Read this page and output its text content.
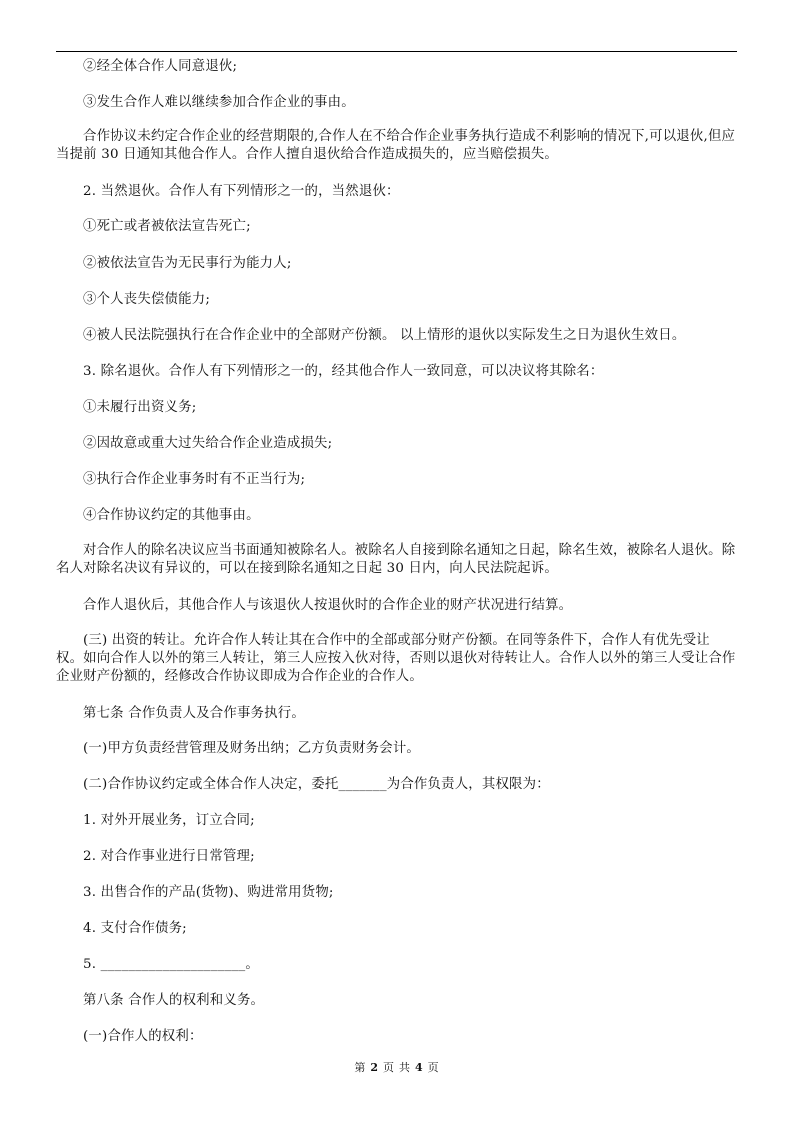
②经全体合作人同意退伙;

③发生合作人难以继续参加合作企业的事由。

合作协议未约定合作企业的经营期限的,合作人在不给合作企业事务执行造成不利影响的情况下,可以退伙,但应当提前 30 日通知其他合作人。合作人擅自退伙给合作造成损失的，应当赔偿损失。

2. 当然退伙。合作人有下列情形之一的，当然退伙：

①死亡或者被依法宣告死亡;

②被依法宣告为无民事行为能力人;

③个人丧失偿债能力;

④被人民法院强执行在合作企业中的全部财产份额。 以上情形的退伙以实际发生之日为退伙生效日。

3. 除名退伙。合作人有下列情形之一的，经其他合作人一致同意，可以决议将其除名：

①未履行出资义务;

②因故意或重大过失给合作企业造成损失;

③执行合作企业事务时有不正当行为;

④合作协议约定的其他事由。

对合作人的除名决议应当书面通知被除名人。被除名人自接到除名通知之日起，除名生效，被除名人退伙。除名人对除名决议有异议的，可以在接到除名通知之日起 30 日内，向人民法院起诉。

合作人退伙后，其他合作人与该退伙人按退伙时的合作企业的财产状况进行结算。

(三) 出资的转让。允许合作人转让其在合作中的全部或部分财产份额。在同等条件下，合作人有优先受让权。如向合作人以外的第三人转让，第三人应按入伙对待，否则以退伙对待转让人。合作人以外的第三人受让合作企业财产份额的，经修改合作协议即成为合作企业的合作人。

第七条 合作负责人及合作事务执行。

(一)甲方负责经营管理及财务出纳；乙方负责财务会计。

(二)合作协议约定或全体合作人决定，委托_______为合作负责人，其权限为：

1. 对外开展业务，订立合同;

2. 对合作事业进行日常管理;

3. 出售合作的产品(货物)、购进常用货物;

4. 支付合作债务;

5. _____________________。

第八条 合作人的权利和义务。

(一)合作人的权利：

第 2 页 共 4 页
